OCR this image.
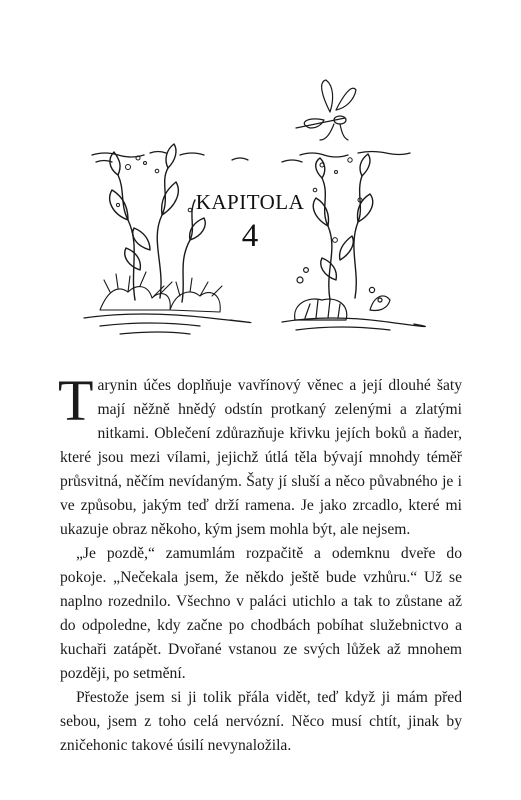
KAPITOLA
4

Tarynin účes doplňuje vavřínový věnec a její dlouhé šaty mají něžně hnědý odstín protkaný zelenými a zlatými nitkami. Oblečení zdůrazňuje křivku jejích boků a ňader, které jsou mezi vílami, jejichž útlá těla bývají mnohdy téměř průsvitná, něčím nevídaným. Šaty jí sluší a něco půvabného je i ve způsobu, jakým teď drží ramena. Je jako zrcadlo, které mi ukazuje obraz někoho, kým jsem mohla být, ale nejsem.

„Je pozdě,“ zamumlám rozpačitě a odemknu dveře do pokoje. „Nečekala jsem, že někdo ještě bude vzhůru.“ Už se naplno rozednilo. Všechno v paláci utichlo a tak to zůstane až do odpoledne, kdy začne po chodbách pobíhat služebnictvo a kuchaři zatápět. Dvořané vstanou ze svých lůžek až mnohem později, po setmění.

Přestože jsem si ji tolik přála vidět, teď když ji mám před sebou, jsem z toho celá nervózní. Něco musí chtít, jinak by zničehonic takové úsilí nevynaložila.
